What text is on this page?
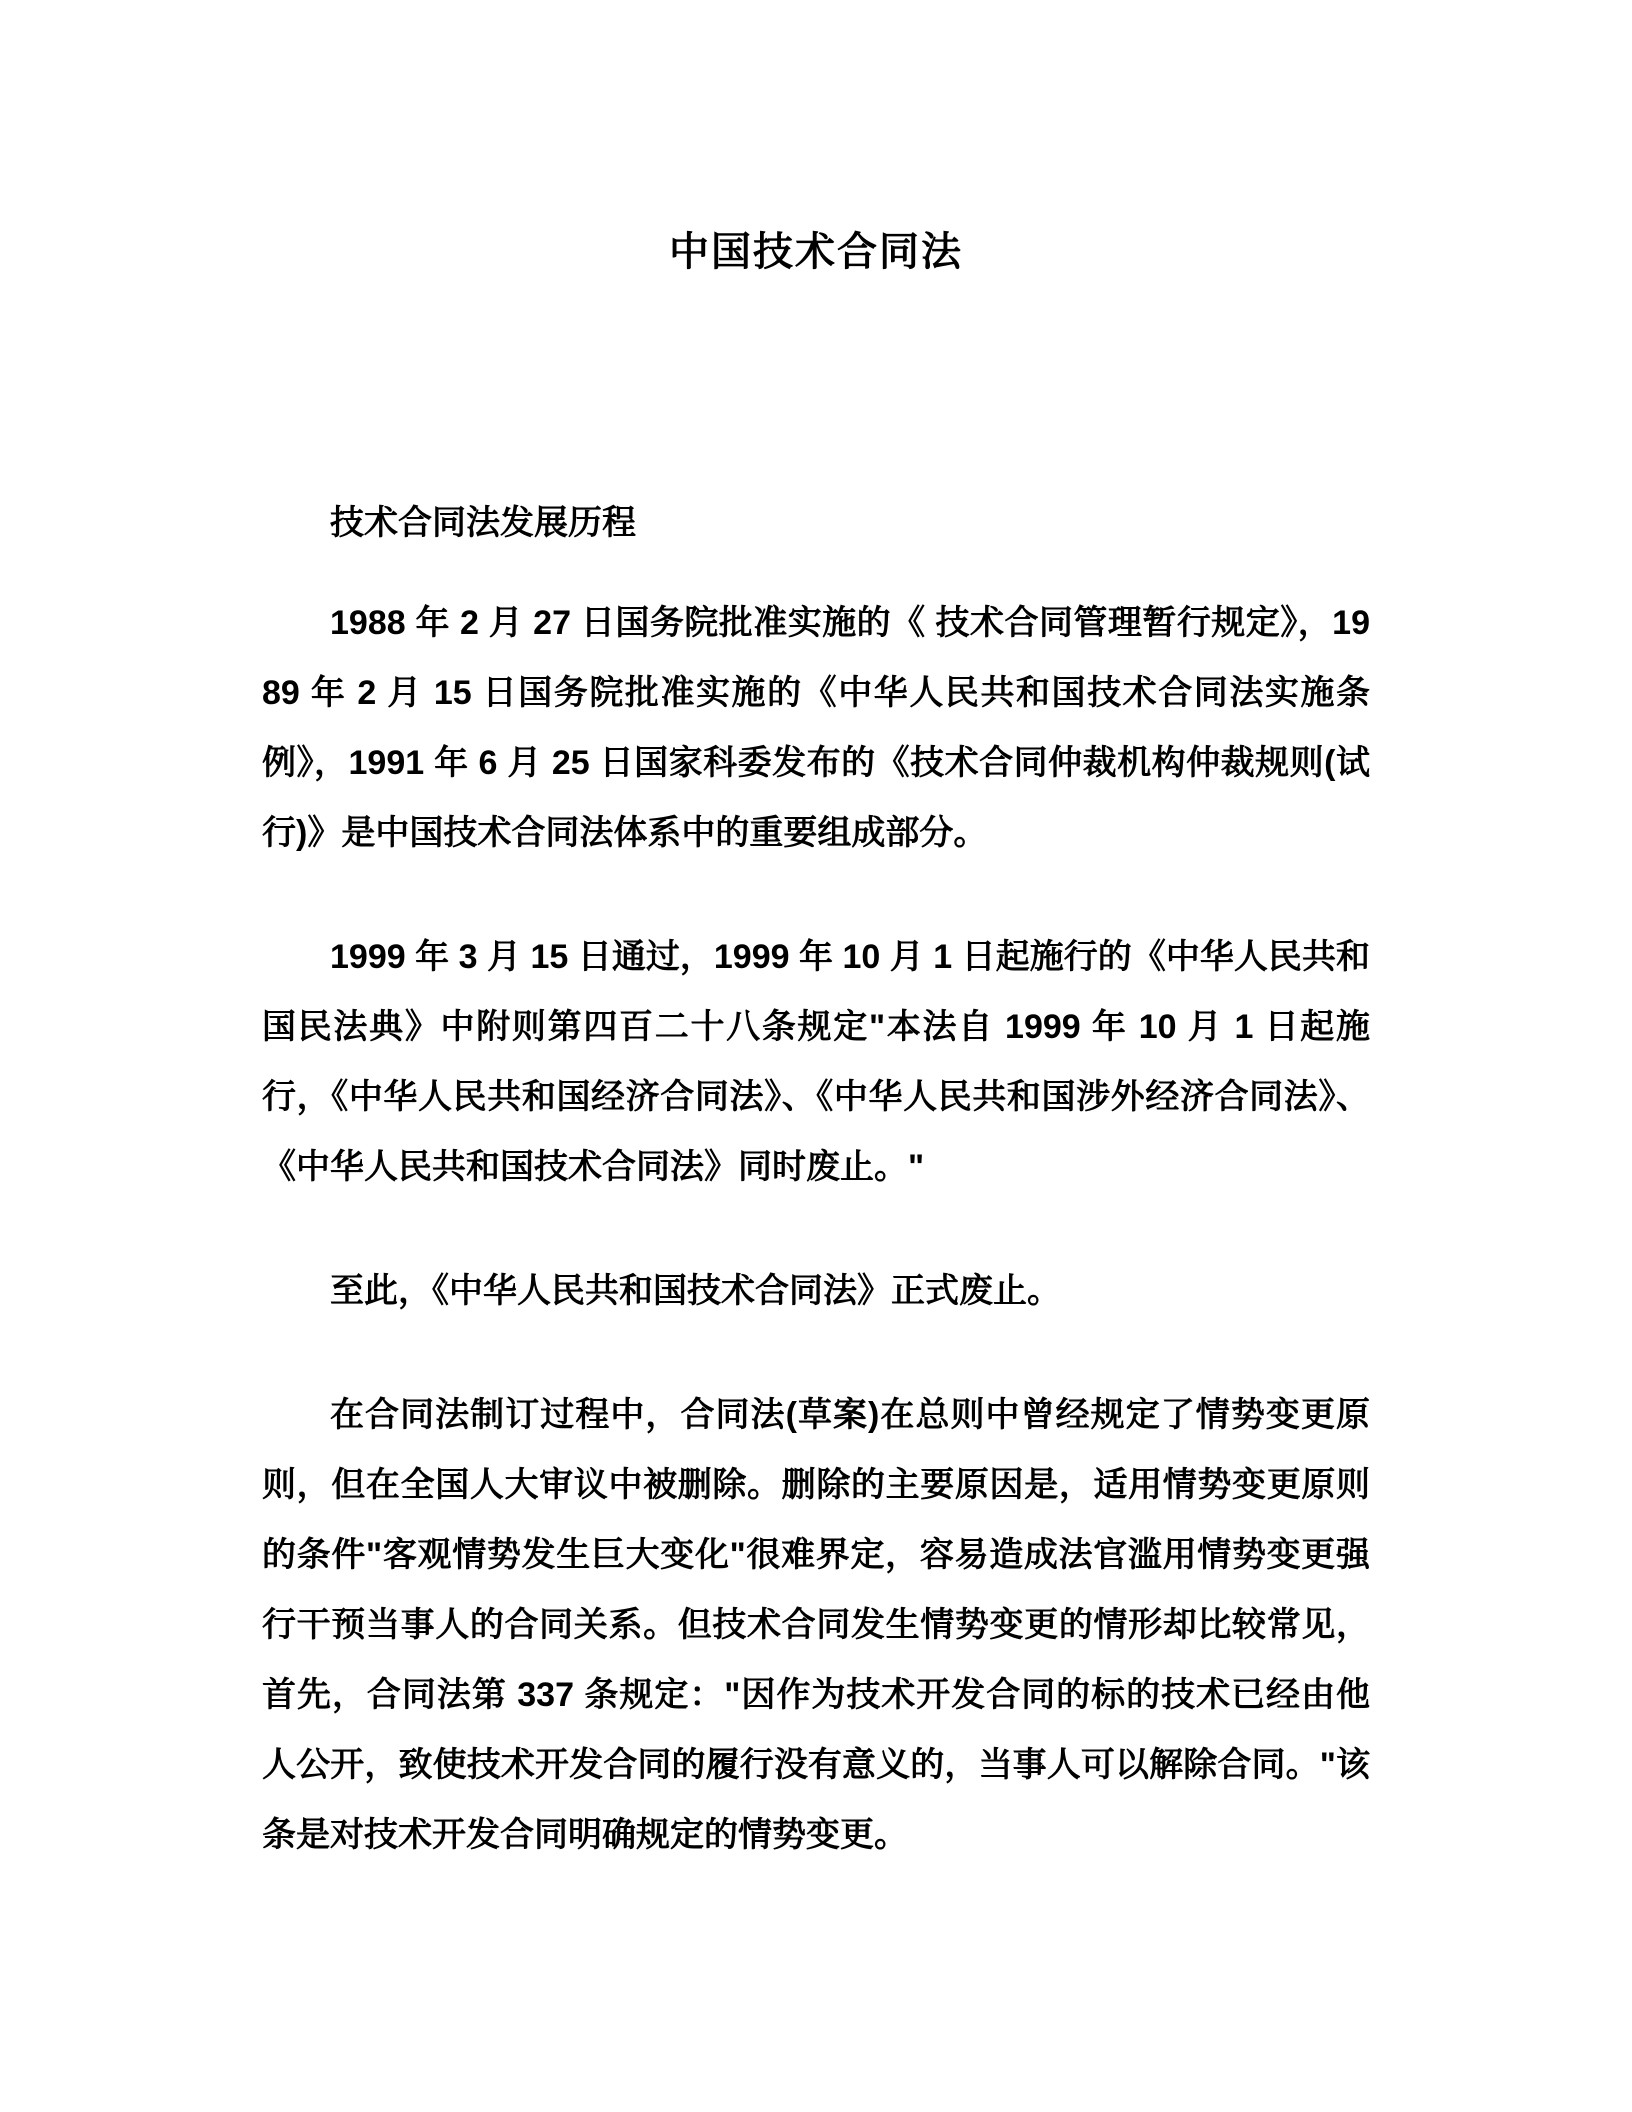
中国技术合同法

技术合同法发展历程

1988 年 2 月 27 日国务院批准实施的《 技术合同管理暂行规定》，1989 年 2 月 15 日国务院批准实施的《中华人民共和国技术合同法实施条例》，1991 年 6 月 25 日国家科委发布的《技术合同仲裁机构仲裁规则(试行)》是中国技术合同法体系中的重要组成部分。

1999 年 3 月 15 日通过，1999 年 10 月 1 日起施行的《中华人民共和国民法典》中附则第四百二十八条规定"本法自 1999 年 10 月 1 日起施行，《中华人民共和国经济合同法》、《中华人民共和国涉外经济合同法》、《中华人民共和国技术合同法》同时废止。"

至此，《中华人民共和国技术合同法》正式废止。

在合同法制订过程中，合同法(草案)在总则中曾经规定了情势变更原则，但在全国人大审议中被删除。删除的主要原因是，适用情势变更原则的条件"客观情势发生巨大变化"很难界定，容易造成法官滥用情势变更强行干预当事人的合同关系。但技术合同发生情势变更的情形却比较常见，首先，合同法第 337 条规定："因作为技术开发合同的标的技术已经由他人公开，致使技术开发合同的履行没有意义的，当事人可以解除合同。"该条是对技术开发合同明确规定的情势变更。
